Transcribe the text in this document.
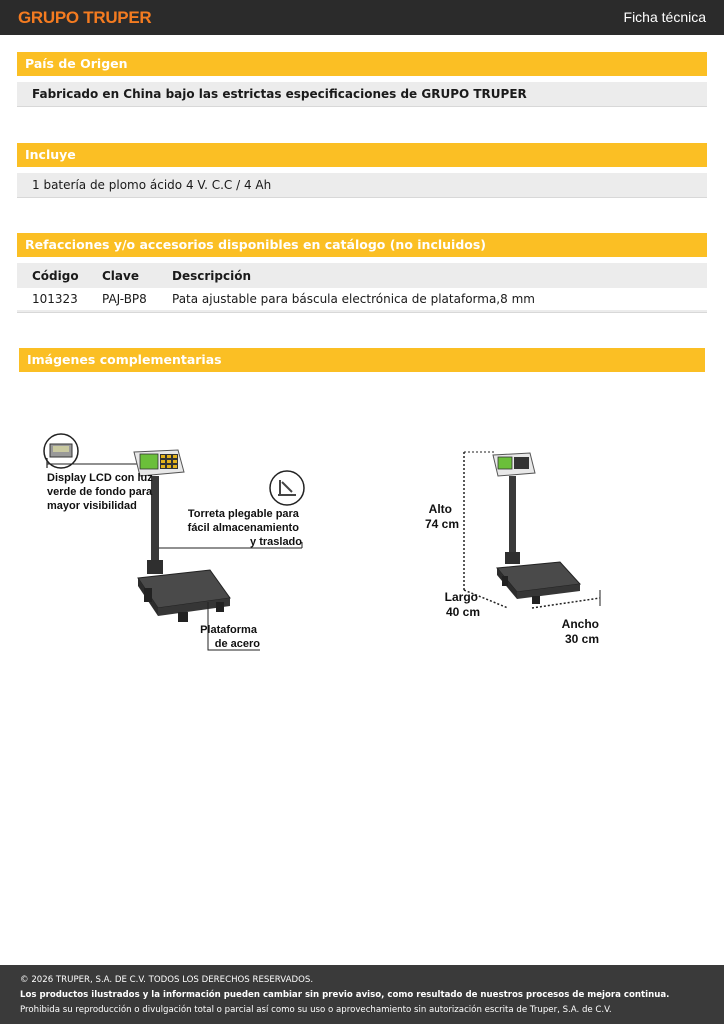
GRUPO TRUPER	Ficha técnica
País de Origen
Fabricado en China bajo las estrictas especificaciones de GRUPO TRUPER
Incluye
1 batería de plomo ácido 4 V. C.C / 4 Ah
Refacciones y/o accesorios disponibles en catálogo (no incluidos)
Código Clave	Descripción
101323 PAJ-BP8 Pata ajustable para báscula electrónica de plataforma,8 mm
Imágenes complementarias
Display LCD con luz verde de fondo para mayor visibilidad
Torreta plegable para fácil almacenamiento y traslado
Plataforma de acero
Alto 74 cm
Largo 40 cm
Ancho 30 cm
© 2026 TRUPER, S.A. DE C.V. TODOS LOS DERECHOS RESERVADOS.
Los productos ilustrados y la información pueden cambiar sin previo aviso, como resultado de nuestros procesos de mejora continua.
Prohibida su reproducción o divulgación total o parcial así como su uso o aprovechamiento sin autorización escrita de Truper, S.A. de C.V.
